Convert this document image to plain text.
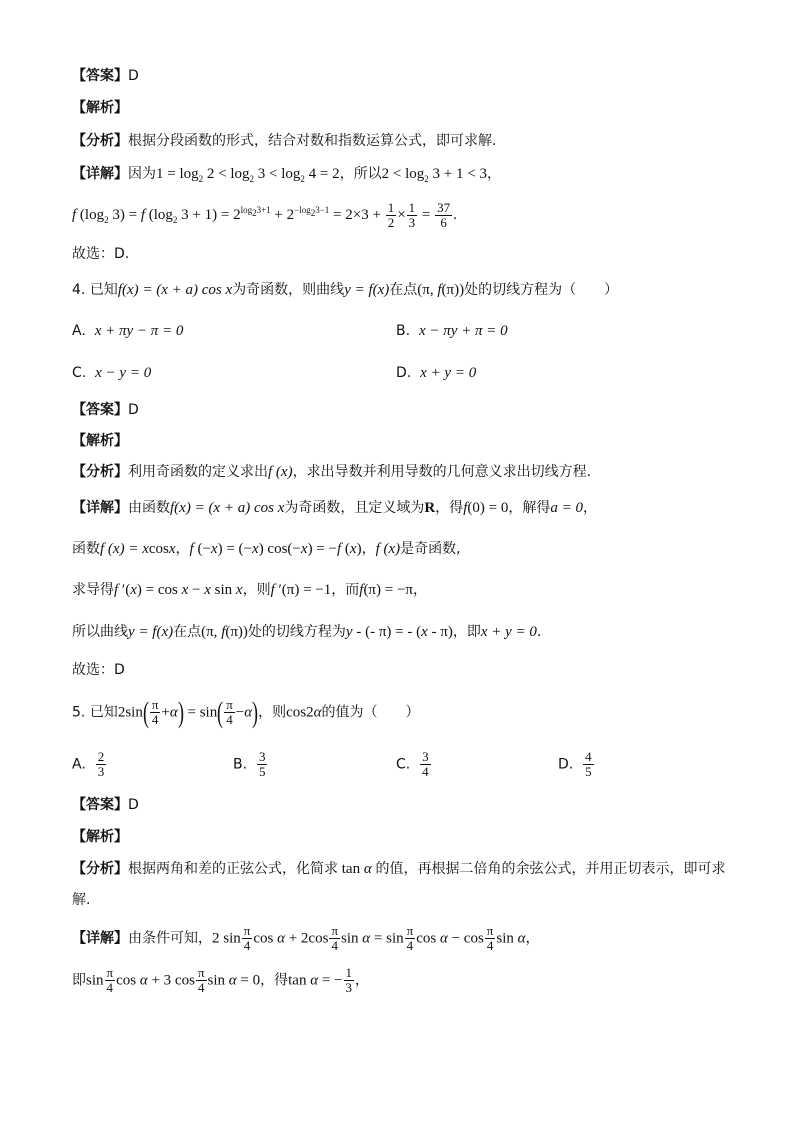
【答案】D
【解析】
【分析】根据分段函数的形式，结合对数和指数运算公式，即可求解.
【详解】因为$1 = \log_2 2 < \log_2 3 < \log_2 4 = 2$，所以$2 < \log_2 3 + 1 < 3$，
f ($\log_2$ 3) = f ($\log_2$ $3 + 1) = 2^{log_23+1} + 2^{-log_23-1} = 2\times 3 + \frac{1}{2} \times \frac{1}{3} = \frac{37}{6}$ .
故选：D.
4. 已知f(x) = (x + a) cos x为奇函数，则曲线y = f(x)在点(π, f(π))处的切线方程为（　　）
A. x + πy − π = 0	B. x − πy + π = 0
C. x − y = 0	D. x + y = 0
【答案】D
【解析】
【分析】利用奇函数的定义求出f (x)，求出导数并利用导数的几何意义求出切线方程.
【详解】由函数f(x) = (x + a) cos x为奇函数，且定义域为R，得f(0) = 0，解得a = 0，
函数f (x) = xcosx，f (−x) = (−x) cos(−x) = −f (x)，f (x)是奇函数,
求导得f ′(x) = cos x − x sin x，则f ′(π) = −1，而f(π) = −π，
所以曲线y = f(x)在点(π, f(π))处的切线方程为y - (- π) = - (x - π)，即x + y = 0.
故选：D
5. 已知$2\sin( \frac{\pi}{4} +\alpha) = \sin( \frac{\pi}{4} -\alpha)$，则cos2α的值为（　　）
A. $\frac{2}{3}$	B. $\frac{3}{5}$	C. $\frac{3}{4}$	D. $\frac{4}{5}$
【答案】D
【解析】
【分析】根据两角和差的正弦公式，化简求 tan α 的值，再根据二倍角的余弦公式，并用正切表示，即可求
解.
【详解】由条件可知，2 $\sin \frac{\pi}{4}$ $\cos \alpha + 2\cos \frac{\pi}{4}$ $\sin \alpha = \sin \frac{\pi}{4}$ $\cos \alpha - \cos \frac{\pi}{4}$ sin α，
即$\sin \frac{\pi}{4}$ cos α + 3 $\cos \frac{\pi}{4}$ sin α = 0，得tan α = − $\frac{1}{3}$ ，
